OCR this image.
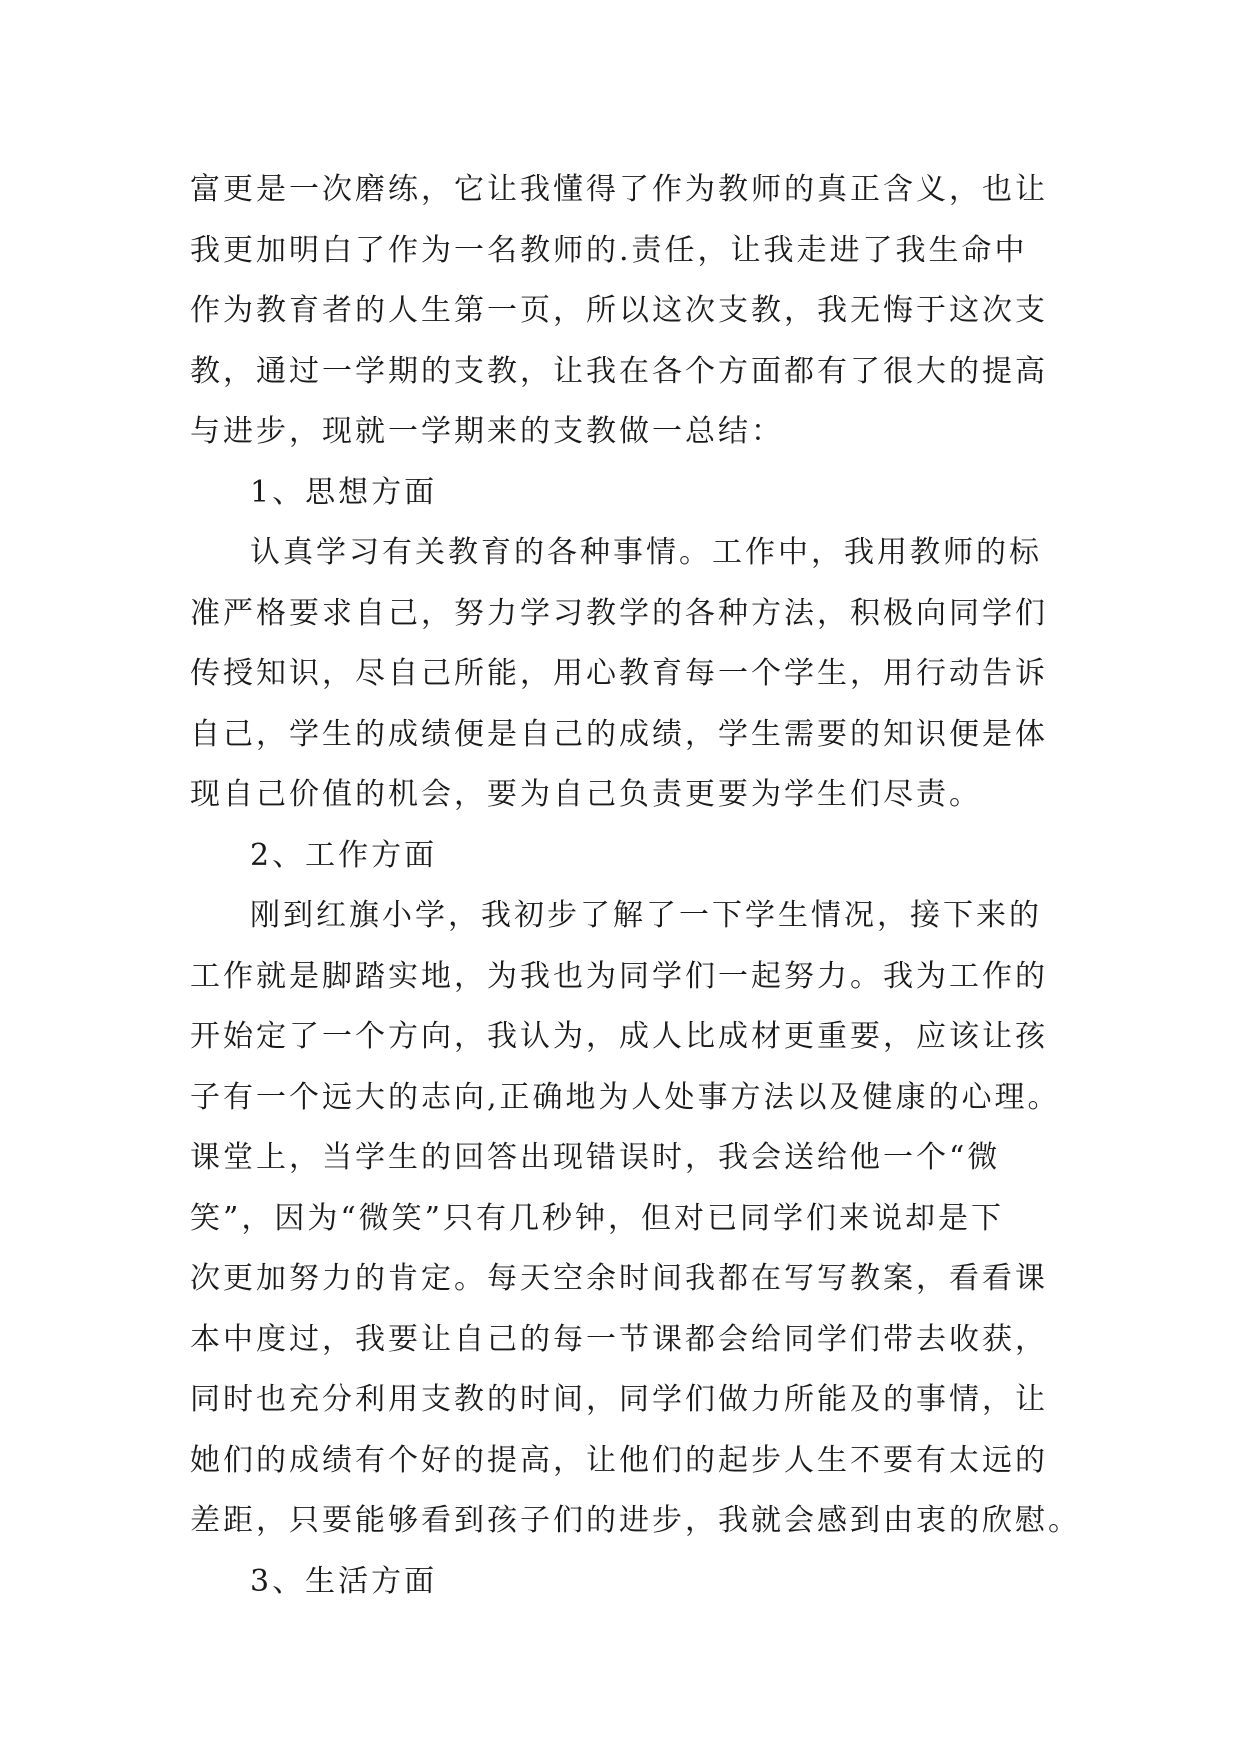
富更是一次磨练，它让我懂得了作为教师的真正含义，也让
我更加明白了作为一名教师的.责任，让我走进了我生命中
作为教育者的人生第一页，所以这次支教，我无悔于这次支
教，通过一学期的支教，让我在各个方面都有了很大的提高
与进步，现就一学期来的支教做一总结：
1、思想方面
认真学习有关教育的各种事情。工作中，我用教师的标
准严格要求自己，努力学习教学的各种方法，积极向同学们
传授知识，尽自己所能，用心教育每一个学生，用行动告诉
自己，学生的成绩便是自己的成绩，学生需要的知识便是体
现自己价值的机会，要为自己负责更要为学生们尽责。
2、工作方面
刚到红旗小学，我初步了解了一下学生情况，接下来的
工作就是脚踏实地，为我也为同学们一起努力。我为工作的
开始定了一个方向，我认为，成人比成材更重要，应该让孩
子有一个远大的志向,正确地为人处事方法以及健康的心理。
课堂上，当学生的回答出现错误时，我会送给他一个“微
笑”，因为“微笑”只有几秒钟，但对已同学们来说却是下
次更加努力的肯定。每天空余时间我都在写写教案，看看课
本中度过，我要让自己的每一节课都会给同学们带去收获，
同时也充分利用支教的时间，同学们做力所能及的事情，让
她们的成绩有个好的提高，让他们的起步人生不要有太远的
差距，只要能够看到孩子们的进步，我就会感到由衷的欣慰。
3、生活方面
